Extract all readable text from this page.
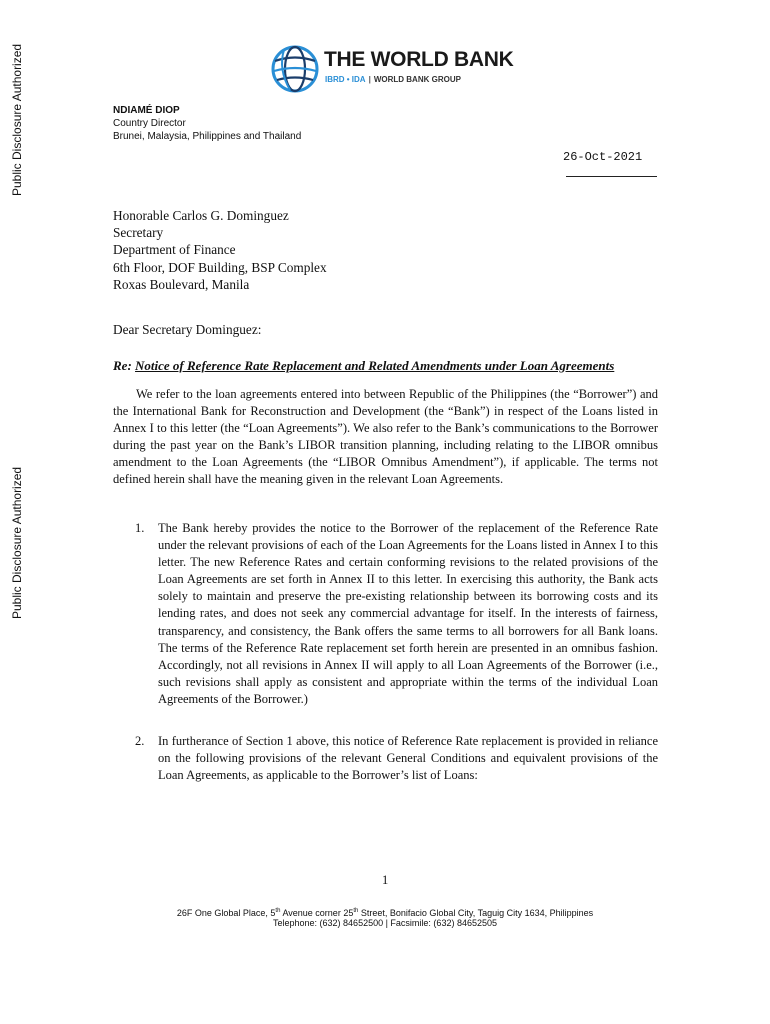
Public Disclosure Authorized
Public Disclosure Authorized
THE WORLD BANK
IBRD • IDA | WORLD BANK GROUP
NDIAMÉ DIOP
Country Director
Brunei, Malaysia, Philippines and Thailand
26-Oct-2021
Honorable Carlos G. Dominguez
Secretary
Department of Finance
6th Floor, DOF Building, BSP Complex
Roxas Boulevard, Manila
Dear Secretary Dominguez:
Re: Notice of Reference Rate Replacement and Related Amendments under Loan Agreements
We refer to the loan agreements entered into between Republic of the Philippines (the “Borrower”) and the International Bank for Reconstruction and Development (the “Bank”) in respect of the Loans listed in Annex I to this letter (the “Loan Agreements”). We also refer to the Bank’s communications to the Borrower during the past year on the Bank’s LIBOR transition planning, including relating to the LIBOR omnibus amendment to the Loan Agreements (the “LIBOR Omnibus Amendment”), if applicable. The terms not defined herein shall have the meaning given in the relevant Loan Agreements.
1. The Bank hereby provides the notice to the Borrower of the replacement of the Reference Rate under the relevant provisions of each of the Loan Agreements for the Loans listed in Annex I to this letter. The new Reference Rates and certain conforming revisions to the related provisions of the Loan Agreements are set forth in Annex II to this letter. In exercising this authority, the Bank acts solely to maintain and preserve the pre-existing relationship between its borrowing costs and its lending rates, and does not seek any commercial advantage for itself. In the interests of fairness, transparency, and consistency, the Bank offers the same terms to all borrowers for all Bank loans. The terms of the Reference Rate replacement set forth herein are presented in an omnibus fashion. Accordingly, not all revisions in Annex II will apply to all Loan Agreements of the Borrower (i.e., such revisions shall apply as consistent and appropriate within the terms of the individual Loan Agreements of the Borrower.)
2. In furtherance of Section 1 above, this notice of Reference Rate replacement is provided in reliance on the following provisions of the relevant General Conditions and equivalent provisions of the Loan Agreements, as applicable to the Borrower’s list of Loans:
1
26F One Global Place, 5th Avenue corner 25th Street, Bonifacio Global City, Taguig City 1634, Philippines
Telephone: (632) 84652500 | Facsimile: (632) 84652505
